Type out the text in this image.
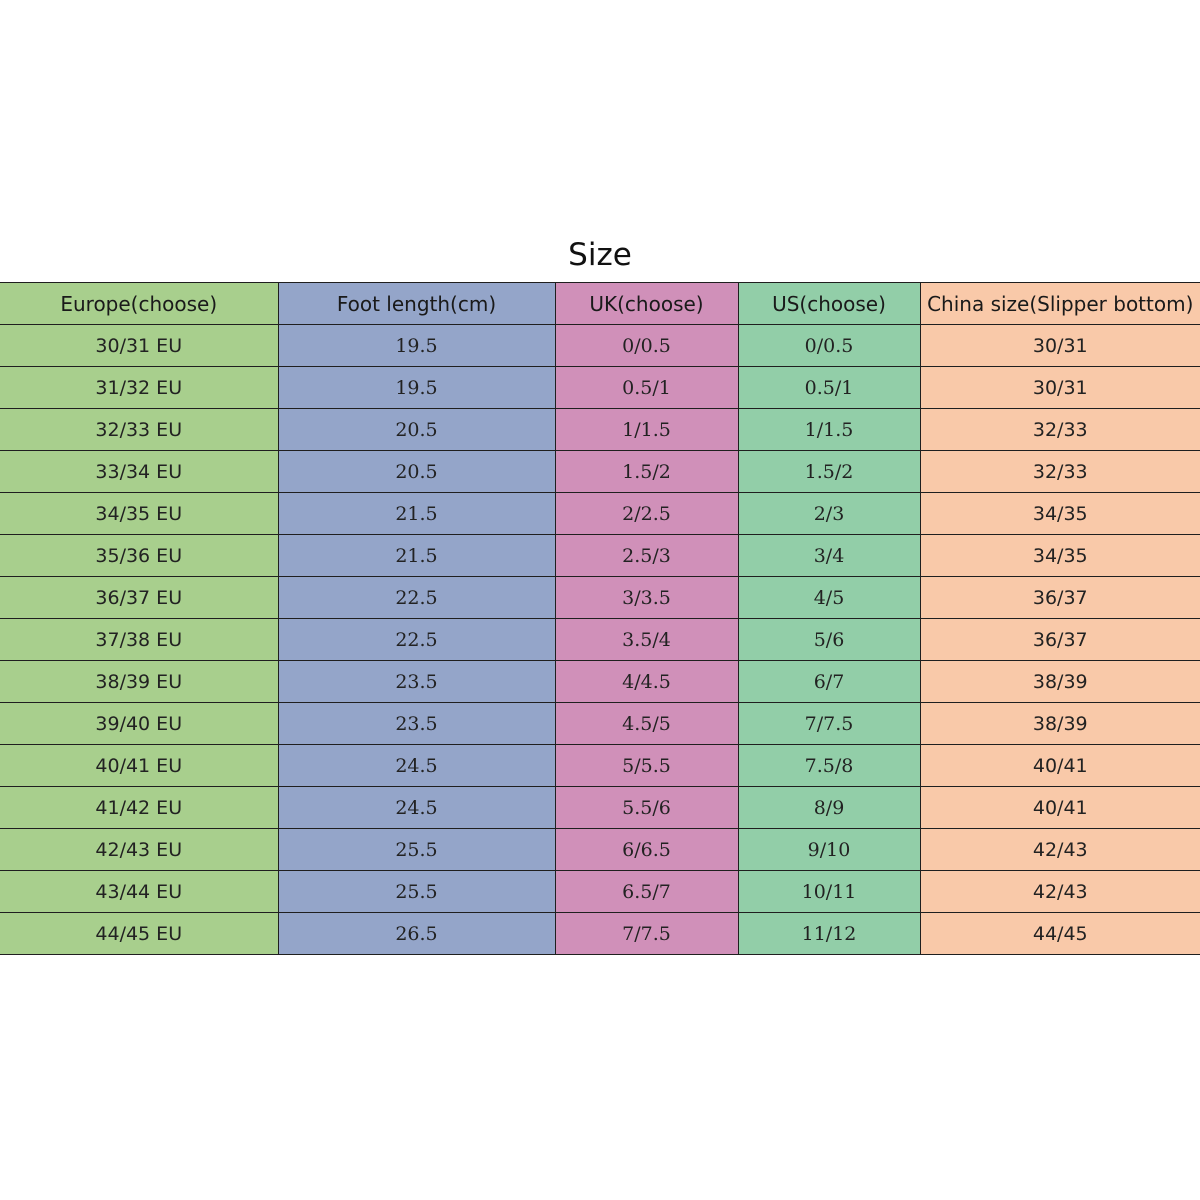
Size
Europe(choose)	Foot length(cm)	UK(choose)	US(choose)	China size(Slipper bottom)
30/31 EU	19.5	0/0.5	0/0.5	30/31
31/32 EU	19.5	0.5/1	0.5/1	30/31
32/33 EU	20.5	1/1.5	1/1.5	32/33
33/34 EU	20.5	1.5/2	1.5/2	32/33
34/35 EU	21.5	2/2.5	2/3	34/35
35/36 EU	21.5	2.5/3	3/4	34/35
36/37 EU	22.5	3/3.5	4/5	36/37
37/38 EU	22.5	3.5/4	5/6	36/37
38/39 EU	23.5	4/4.5	6/7	38/39
39/40 EU	23.5	4.5/5	7/7.5	38/39
40/41 EU	24.5	5/5.5	7.5/8	40/41
41/42 EU	24.5	5.5/6	8/9	40/41
42/43 EU	25.5	6/6.5	9/10	42/43
43/44 EU	25.5	6.5/7	10/11	42/43
44/45 EU	26.5	7/7.5	11/12	44/45
